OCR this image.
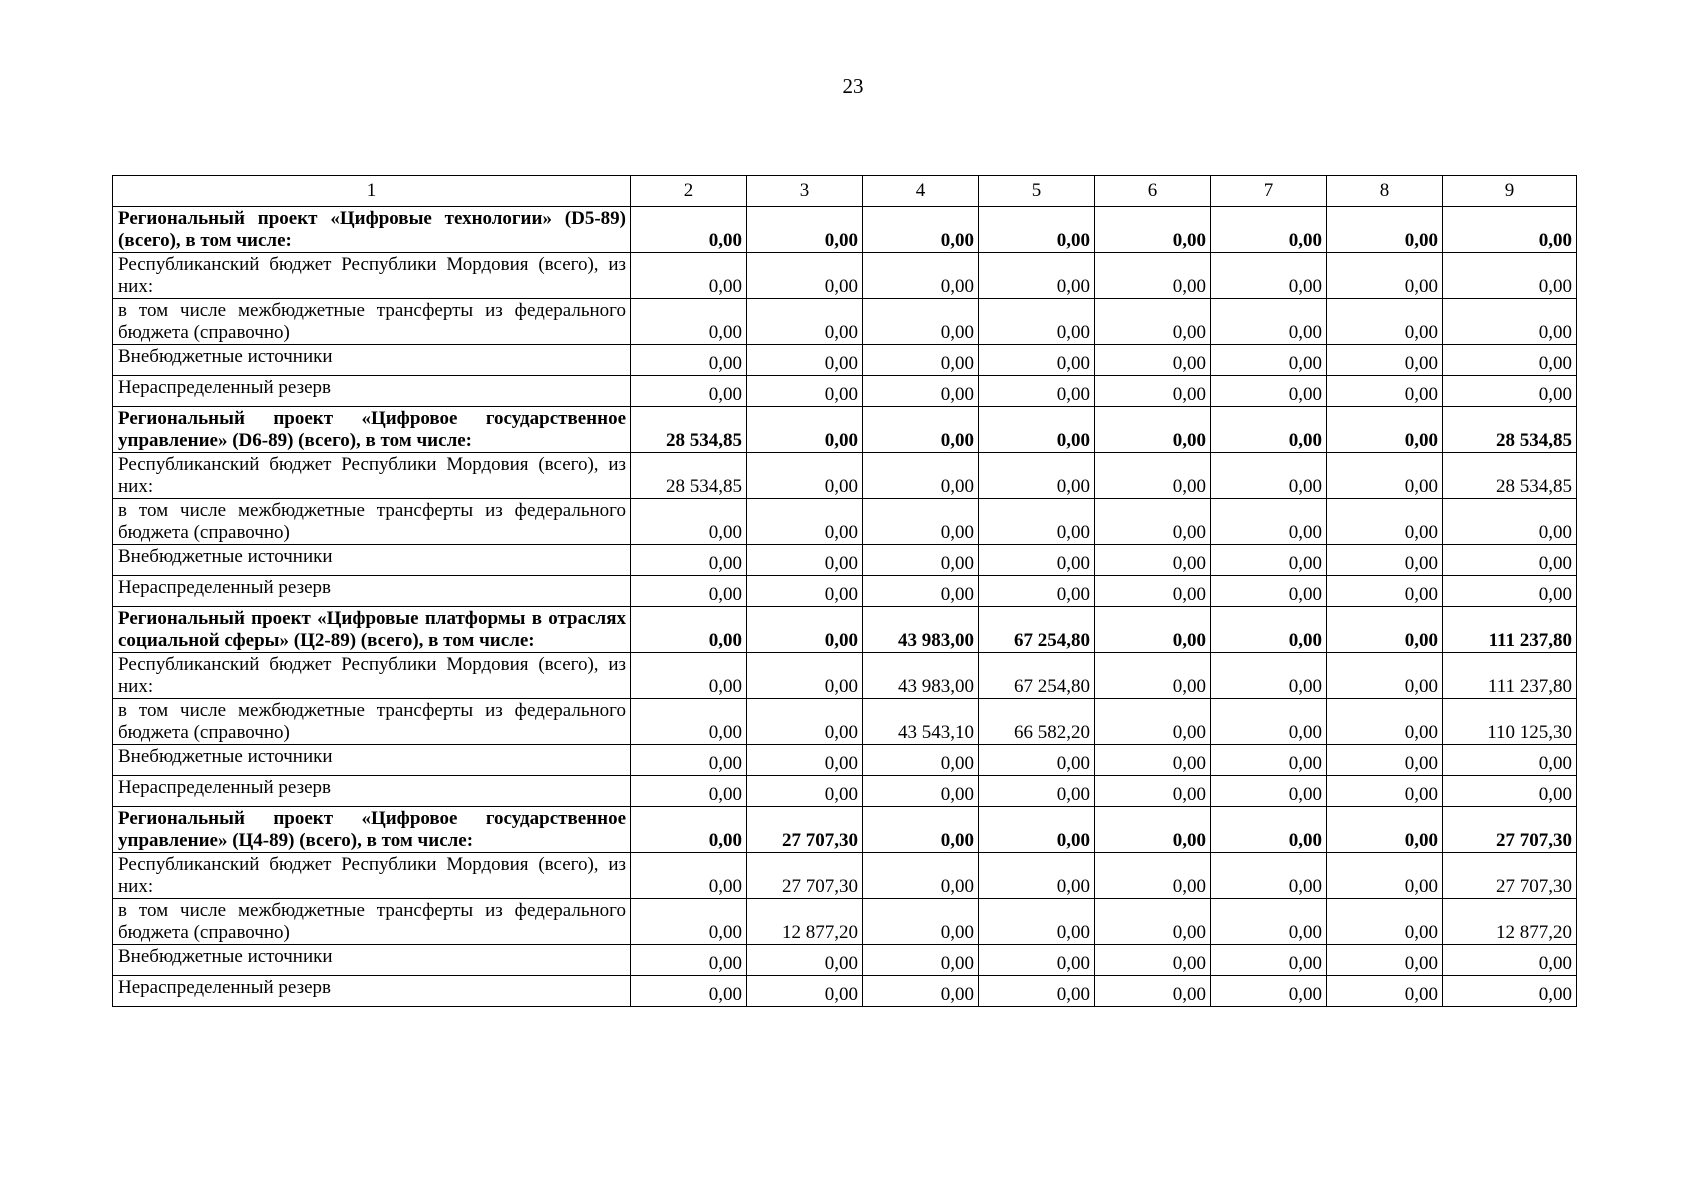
23
1	2	3	4	5	6	7	8	9
Региональный проект «Цифровые технологии» (D5-89) (всего), в том числе:	0,00	0,00	0,00	0,00	0,00	0,00	0,00	0,00
Республиканский бюджет Республики Мордовия (всего), из них:	0,00	0,00	0,00	0,00	0,00	0,00	0,00	0,00
в том числе межбюджетные трансферты из федерального бюджета (справочно)	0,00	0,00	0,00	0,00	0,00	0,00	0,00	0,00
Внебюджетные источники	0,00	0,00	0,00	0,00	0,00	0,00	0,00	0,00
Нераспределенный резерв	0,00	0,00	0,00	0,00	0,00	0,00	0,00	0,00
Региональный проект «Цифровое государственное управление» (D6-89) (всего), в том числе:	28 534,85	0,00	0,00	0,00	0,00	0,00	0,00	28 534,85
Республиканский бюджет Республики Мордовия (всего), из них:	28 534,85	0,00	0,00	0,00	0,00	0,00	0,00	28 534,85
в том числе межбюджетные трансферты из федерального бюджета (справочно)	0,00	0,00	0,00	0,00	0,00	0,00	0,00	0,00
Внебюджетные источники	0,00	0,00	0,00	0,00	0,00	0,00	0,00	0,00
Нераспределенный резерв	0,00	0,00	0,00	0,00	0,00	0,00	0,00	0,00
Региональный проект «Цифровые платформы в отраслях социальной сферы» (Ц2-89) (всего), в том числе:	0,00	0,00	43 983,00	67 254,80	0,00	0,00	0,00	111 237,80
Республиканский бюджет Республики Мордовия (всего), из них:	0,00	0,00	43 983,00	67 254,80	0,00	0,00	0,00	111 237,80
в том числе межбюджетные трансферты из федерального бюджета (справочно)	0,00	0,00	43 543,10	66 582,20	0,00	0,00	0,00	110 125,30
Внебюджетные источники	0,00	0,00	0,00	0,00	0,00	0,00	0,00	0,00
Нераспределенный резерв	0,00	0,00	0,00	0,00	0,00	0,00	0,00	0,00
Региональный проект «Цифровое государственное управление» (Ц4-89) (всего), в том числе:	0,00	27 707,30	0,00	0,00	0,00	0,00	0,00	27 707,30
Республиканский бюджет Республики Мордовия (всего), из них:	0,00	27 707,30	0,00	0,00	0,00	0,00	0,00	27 707,30
в том числе межбюджетные трансферты из федерального бюджета (справочно)	0,00	12 877,20	0,00	0,00	0,00	0,00	0,00	12 877,20
Внебюджетные источники	0,00	0,00	0,00	0,00	0,00	0,00	0,00	0,00
Нераспределенный резерв	0,00	0,00	0,00	0,00	0,00	0,00	0,00	0,00
